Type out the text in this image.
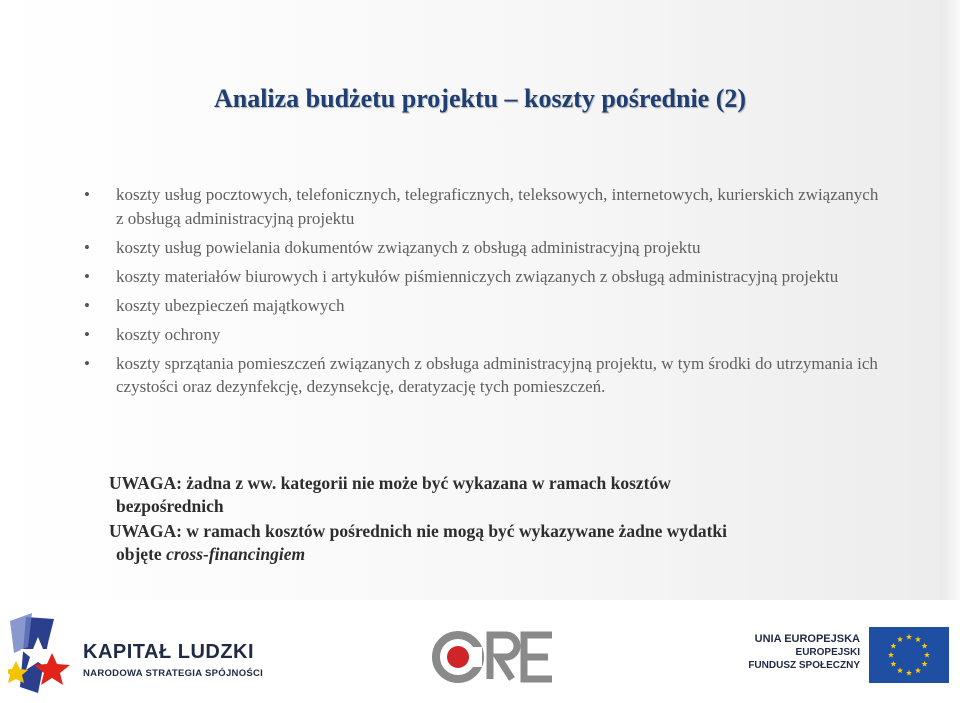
Analiza budżetu projektu – koszty pośrednie (2)
• koszty usług pocztowych, telefonicznych, telegraficznych, teleksowych, internetowych, kurierskich związanych z obsługą administracyjną projektu
• koszty usług powielania dokumentów związanych z obsługą administracyjną projektu
• koszty materiałów biurowych i artykułów piśmienniczych związanych z obsługą administracyjną projektu
• koszty ubezpieczeń majątkowych
• koszty ochrony
• koszty sprzątania pomieszczeń związanych z obsługa administracyjną projektu, w tym środki do utrzymania ich czystości oraz dezynfekcję, dezynsekcję, deratyzację tych pomieszczeń.
UWAGA: żadna z ww. kategorii nie może być wykazana w ramach kosztów
bezpośrednich
UWAGA: w ramach kosztów pośrednich nie mogą być wykazywane żadne wydatki
objęte cross-financingiem
KAPITAŁ LUDZKI
NARODOWA STRATEGIA SPÓJNOŚCI
UNIA EUROPEJSKA
EUROPEJSKI
FUNDUSZ SPOŁECZNY
